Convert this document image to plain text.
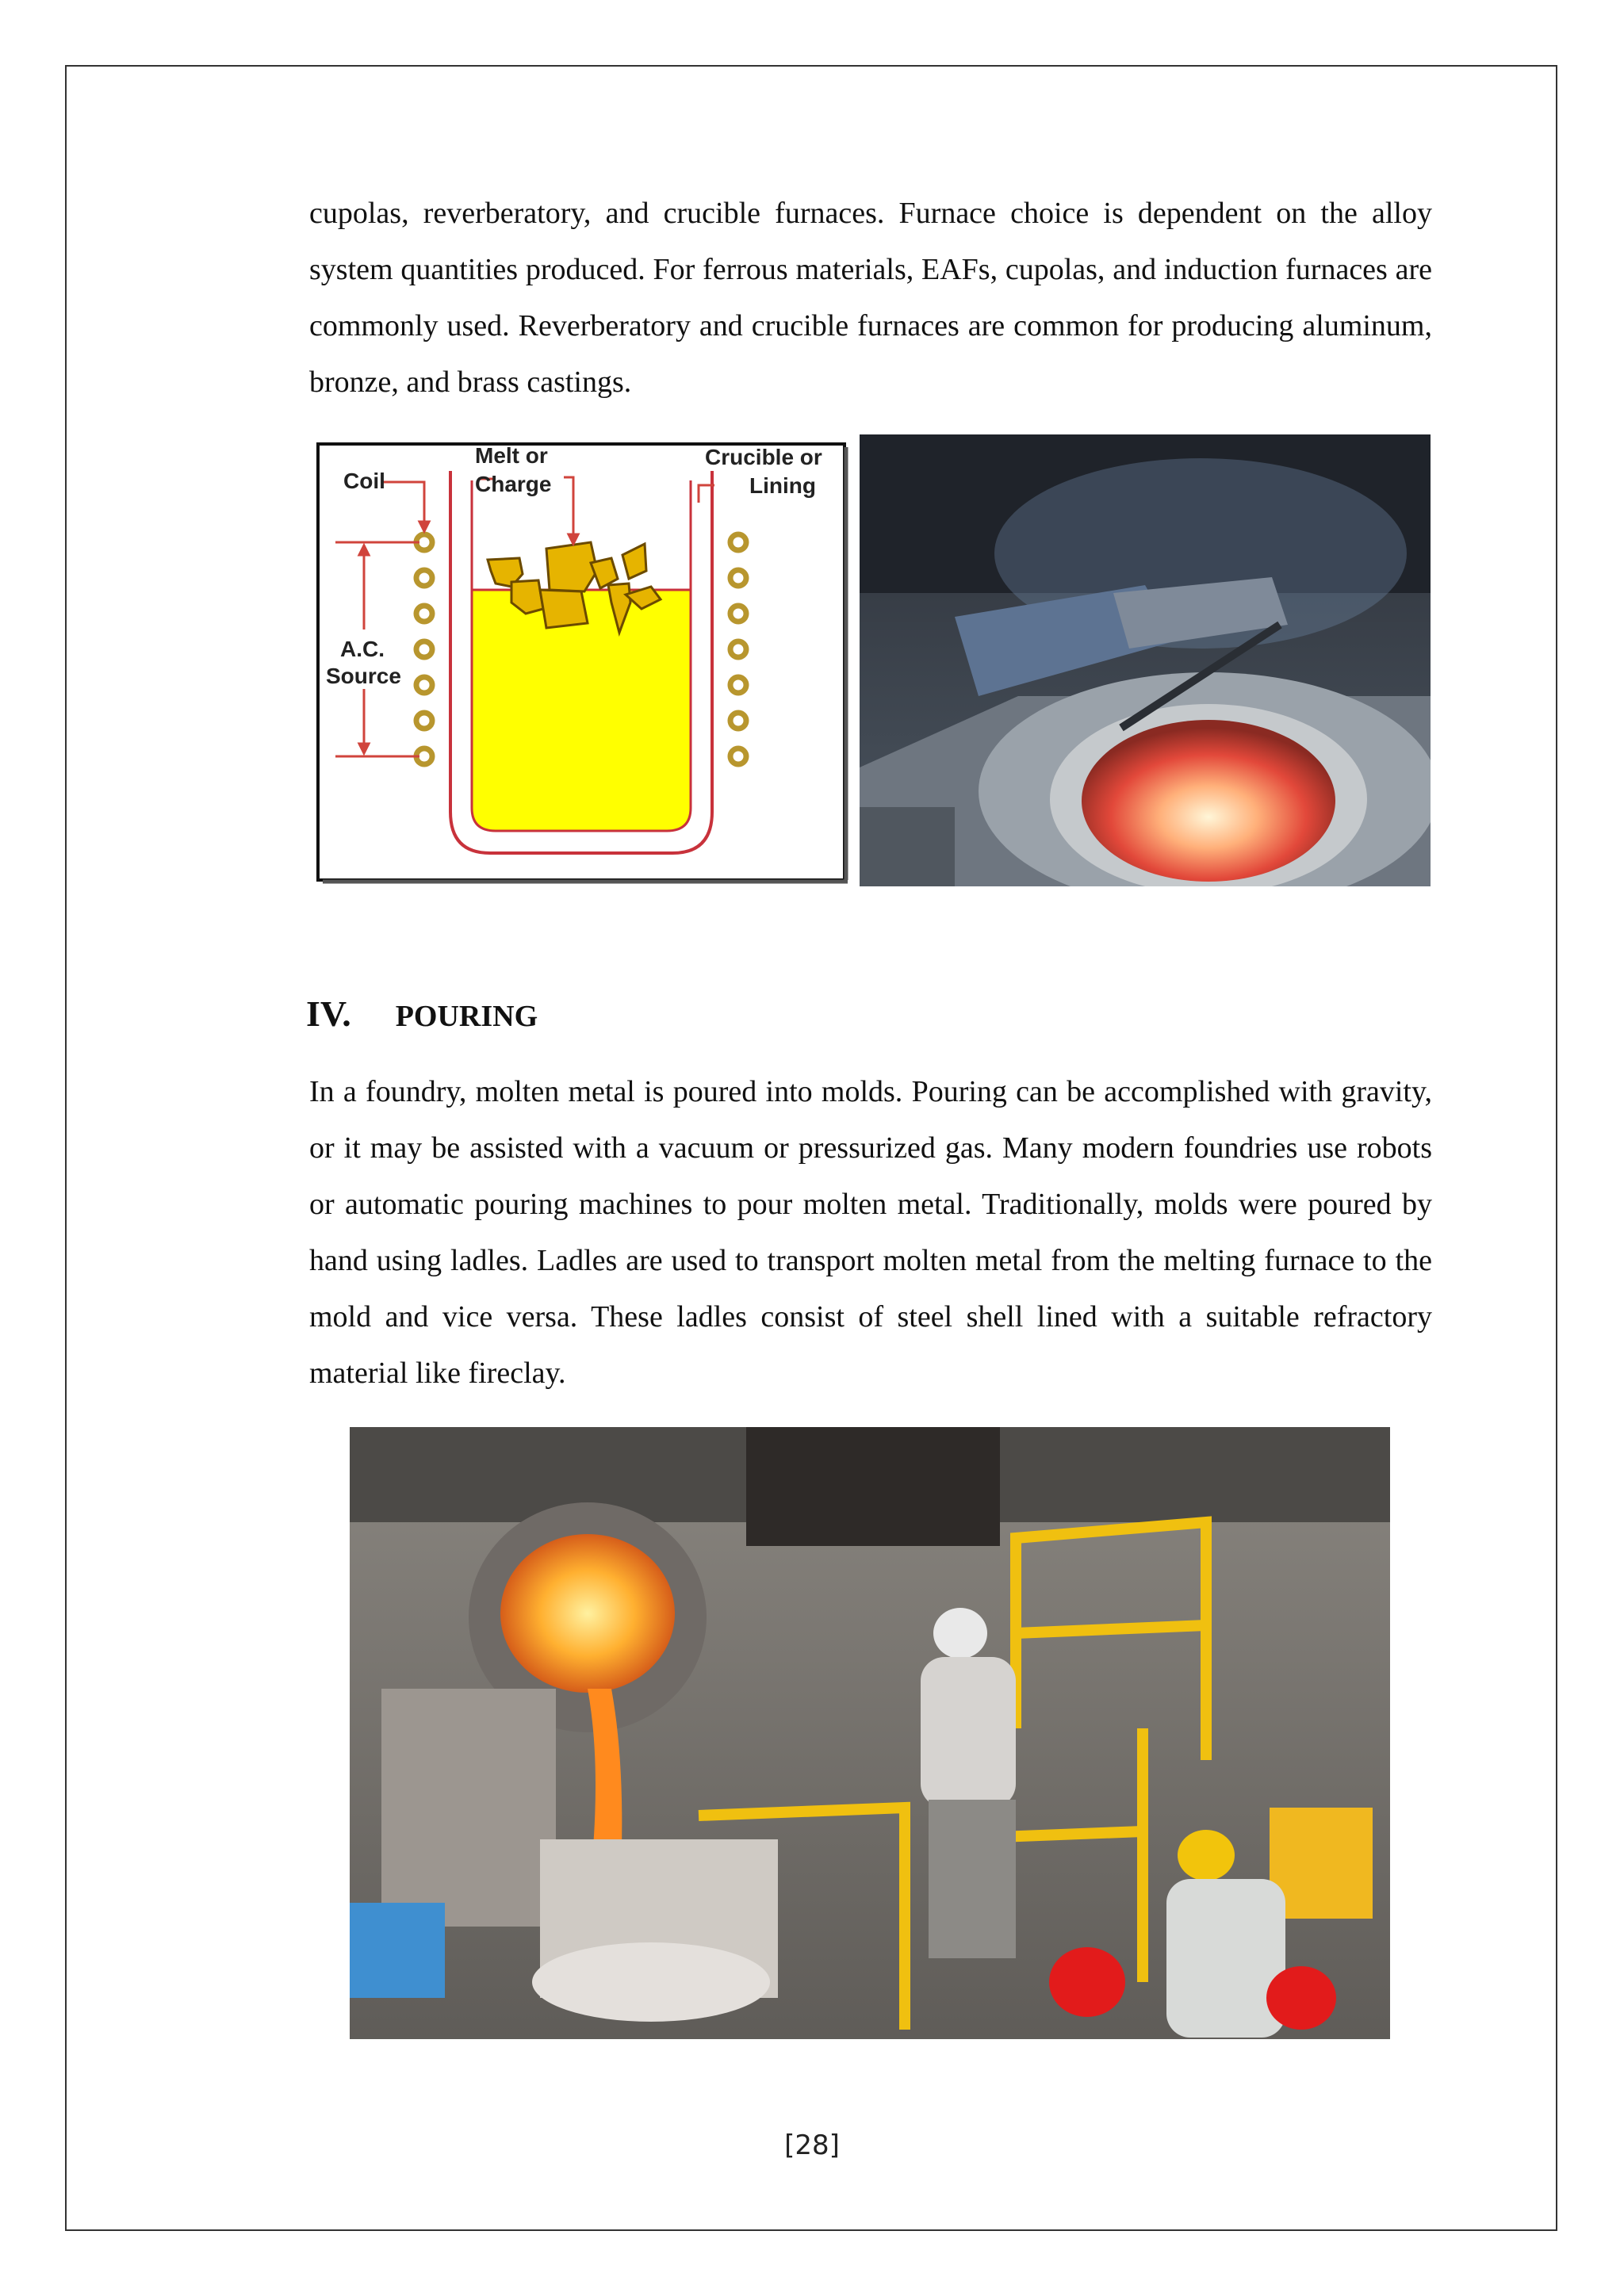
cupolas, reverberatory, and crucible furnaces. Furnace choice is dependent on the alloy system quantities produced. For ferrous materials, EAFs, cupolas, and induction furnaces are commonly used. Reverberatory and crucible furnaces are common for producing aluminum, bronze, and brass castings.

Coil
Melt or
Charge
Crucible or
Lining
A.C.
Source
IV. POURING

In a foundry, molten metal is poured into molds. Pouring can be accomplished with gravity, or it may be assisted with a vacuum or pressurized gas. Many modern foundries use robots or automatic pouring machines to pour molten metal. Traditionally, molds were poured by hand using ladles. Ladles are used to transport molten metal from the melting furnace to the mold and vice versa. These ladles consist of steel shell lined with a suitable refractory material like fireclay.

[28]
